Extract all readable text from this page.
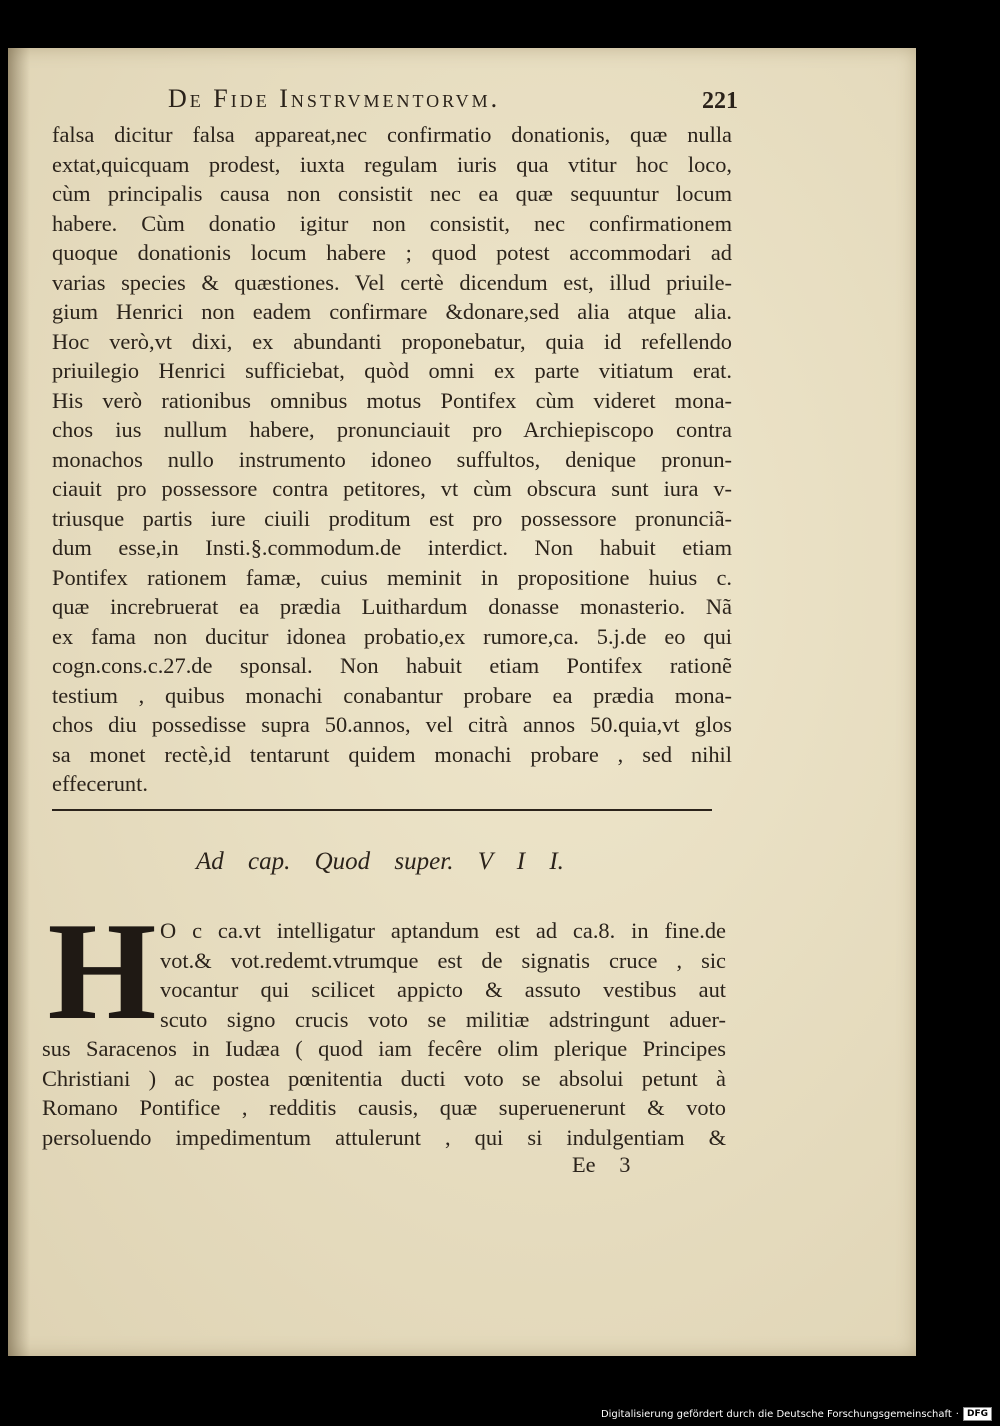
De Fide Instrvmentorvm.	221
falsa dicitur falsa appareat,nec confirmatio donationis, quæ nulla
extat,quicquam prodest, iuxta regulam iuris qua vtitur hoc loco,
cùm principalis causa non consistit nec ea quæ sequuntur locum
habere. Cùm donatio igitur non consistit, nec confirmationem
quoque donationis locum habere ; quod potest accommodari ad
varias species & quæstiones. Vel certè dicendum est, illud priuile-
gium Henrici non eadem confirmare &donare,sed alia atque alia.
Hoc verò,vt dixi, ex abundanti proponebatur, quia id refellendo
priuilegio Henrici sufficiebat, quòd omni ex parte vitiatum erat.
His verò rationibus omnibus motus Pontifex cùm videret mona-
chos ius nullum habere, pronunciauit pro Archiepiscopo contra
monachos nullo instrumento idoneo suffultos, denique pronun-
ciauit pro possessore contra petitores, vt cùm obscura sunt iura v-
triusque partis iure ciuili proditum est pro possessore pronunciã-
dum esse,in Insti.§.commodum.de interdict. Non habuit etiam
Pontifex rationem famæ, cuius meminit in propositione huius c.
quæ increbruerat ea prædia Luithardum donasse monasterio. Nã
ex fama non ducitur idonea probatio,ex rumore,ca. 5.j.de eo qui
cogn.cons.c.27.de sponsal. Non habuit etiam Pontifex rationẽ
testium , quibus monachi conabantur probare ea prædia mona-
chos diu possedisse supra 50.annos, vel citrà annos 50.quia,vt glos
sa monet rectè,id tentarunt quidem monachi probare , sed nihil
effecerunt.
Ad cap. Quod super. V I I.
H O c ca.vt intelligatur aptandum est ad ca.8. in fine.de
vot.& vot.redemt.vtrumque est de signatis cruce , sic
vocantur qui scilicet appicto & assuto vestibus aut
scuto signo crucis voto se militiæ adstringunt aduer-
sus Saracenos in Iudæa ( quod iam fecêre olim plerique Principes
Christiani ) ac postea pœnitentia ducti voto se absolui petunt à
Romano Pontifice , redditis causis, quæ superuenerunt & voto
persoluendo impedimentum attulerunt , qui si indulgentiam &
Ee 3
Digitalisierung gefördert durch die Deutsche Forschungsgemeinschaft · DFG
